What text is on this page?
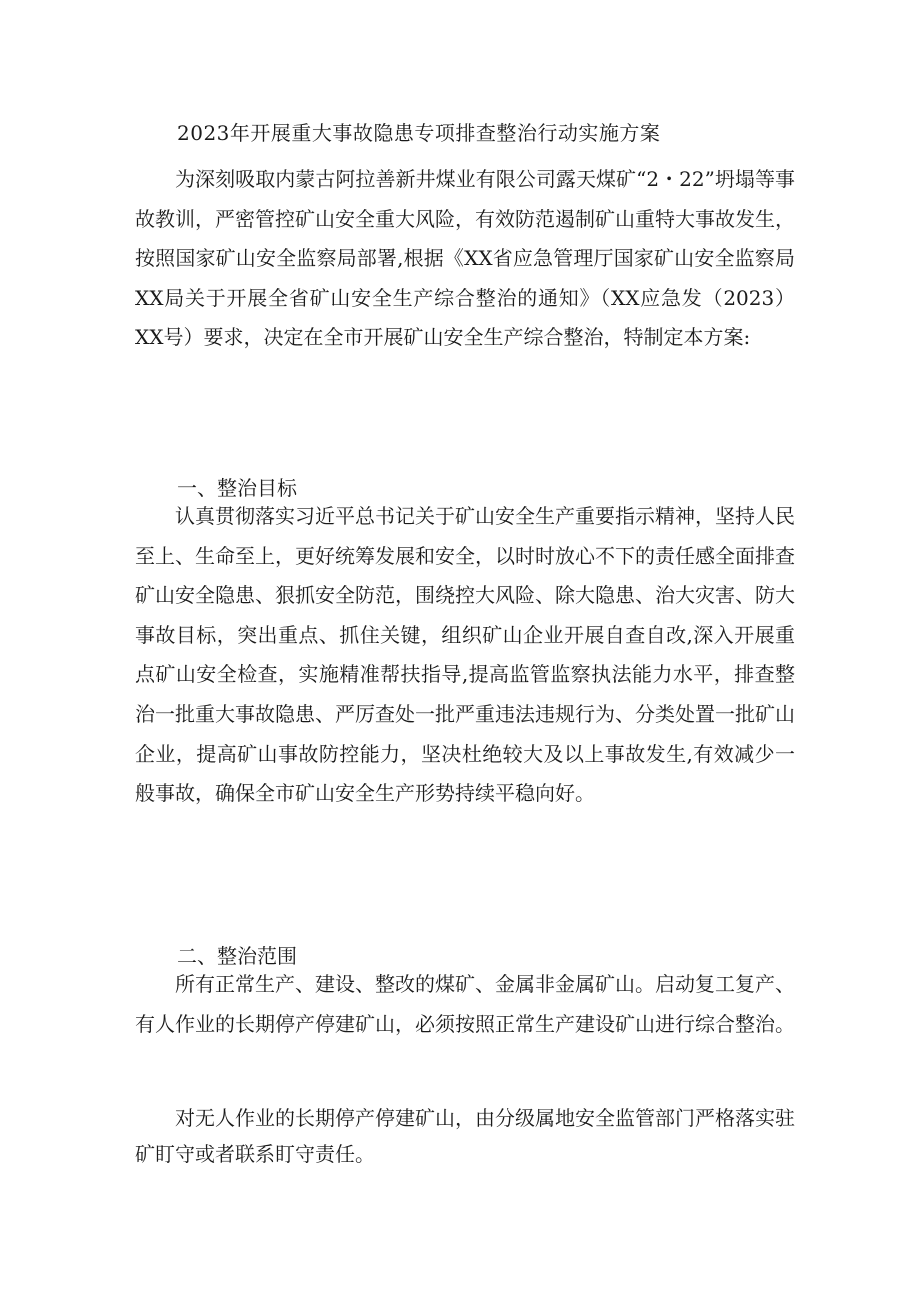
2023年开展重大事故隐患专项排查整治行动实施方案

为深刻吸取内蒙古阿拉善新井煤业有限公司露天煤矿“2・22”坍塌等事故教训，严密管控矿山安全重大风险，有效防范遏制矿山重特大事故发生，按照国家矿山安全监察局部署,根据《XX省应急管理厅国家矿山安全监察局XX局关于开展全省矿山安全生产综合整治的通知》（XX应急发（2023）XX号）要求，决定在全市开展矿山安全生产综合整治，特制定本方案:

一、整治目标

认真贯彻落实习近平总书记关于矿山安全生产重要指示精神，坚持人民至上、生命至上，更好统筹发展和安全，以时时放心不下的责任感全面排查矿山安全隐患、狠抓安全防范，围绕控大风险、除大隐患、治大灾害、防大事故目标，突出重点、抓住关键，组织矿山企业开展自查自改,深入开展重点矿山安全检查，实施精准帮扶指导,提高监管监察执法能力水平，排查整治一批重大事故隐患、严厉查处一批严重违法违规行为、分类处置一批矿山企业，提高矿山事故防控能力，坚决杜绝较大及以上事故发生,有效减少一般事故，确保全市矿山安全生产形势持续平稳向好。

二、整治范围

所有正常生产、建设、整改的煤矿、金属非金属矿山。启动复工复产、有人作业的长期停产停建矿山，必须按照正常生产建设矿山进行综合整治。

对无人作业的长期停产停建矿山，由分级属地安全监管部门严格落实驻矿盯守或者联系盯守责任。
